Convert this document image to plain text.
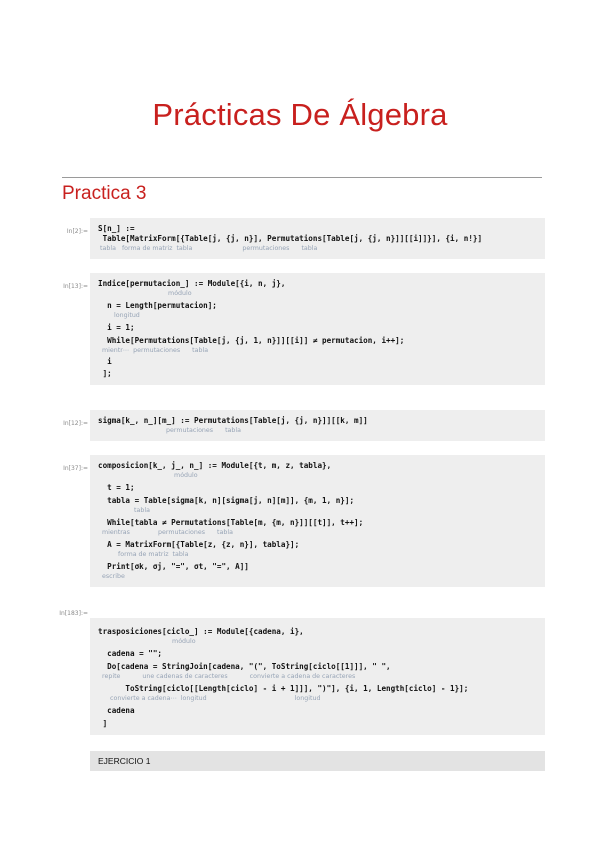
Prácticas De Álgebra
Practica 3
In[2]:= S[n_] :=
Table[MatrixForm[{Table[j, {j, n}], Permutations[Table[j, {j, n}]][[i]]}], {i, n!}]
tabla   forma de matriz  tabla                         permutaciones      tabla
In[13]:= Indice[permutacion_] := Module[{i, n, j},
módulo
n = Length[permutacion];
longitud
i = 1;
While[Permutations[Table[j, {j, 1, n}]][[i]] ≠ permutacion, i++];
mientr⋯  permutaciones      tabla
i
];
In[12]:= sigma[k_, n_][m_] := Permutations[Table[j, {j, n}]][[k, m]]
permutaciones      tabla
In[37]:= composicion[k_, j_, n_] := Module[{t, m, z, tabla},
módulo
t = 1;
tabla = Table[sigma[k, n][sigma[j, n][m]], {m, 1, n}];
tabla
While[tabla ≠ Permutations[Table[m, {m, n}]][[t]], t++];
mientras              permutaciones      tabla
A = MatrixForm[{Table[z, {z, n}], tabla}];
forma de matriz  tabla
Print[σk, σj, "=", σt, "=", A]]
escribe
In[183]:=
trasposiciones[ciclo_] := Module[{cadena, i},
módulo
cadena = "";
Do[cadena = StringJoin[cadena, "(", ToString[ciclo[[1]]], " ",
repite           une cadenas de caracteres           convierte a cadena de caracteres
ToString[ciclo[[Length[ciclo] - i + 1]]], ")"], {i, 1, Length[ciclo] - 1}];
convierte a cadena⋯  longitud                                            longitud
cadena
]
EJERCICIO 1
